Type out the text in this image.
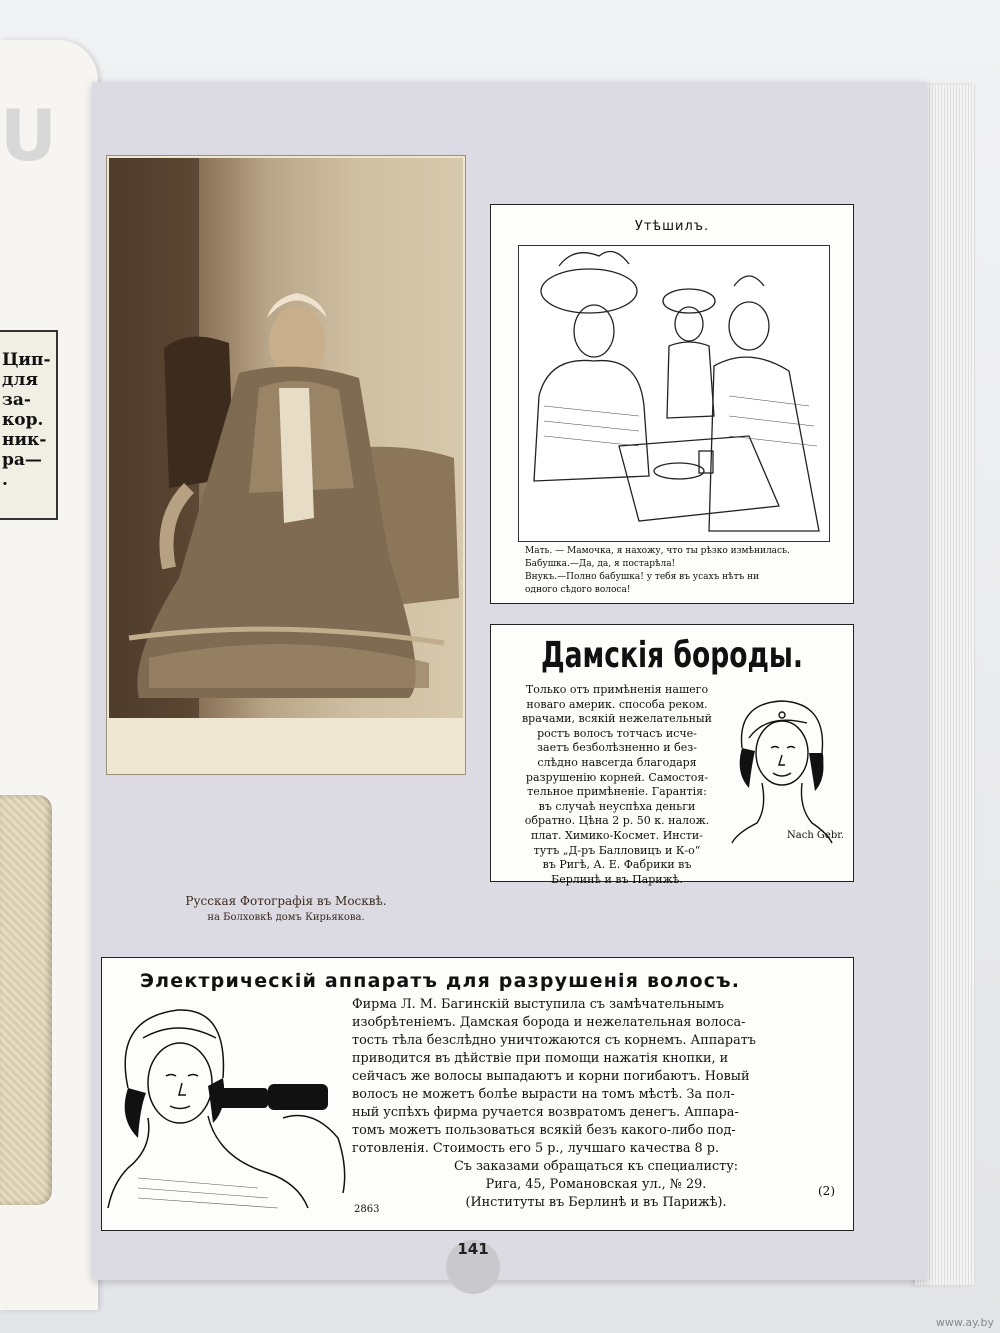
U
Цип-
для
за-
кор.
ник-
ра—
.
Русская Фотографія въ Москвѣ.
на Болховкѣ домъ Кирьякова.
Утѣшилъ.
Мать. — Мамочка, я нахожу, что ты рѣзко измѣнилась.
Бабушка.—Да, да, я постарѣла!
Внукъ.—Полно бабушка! у тебя въ усахъ нѣтъ ни
одного сѣдого волоса!
Дамскія бороды.
Только отъ примѣненія нашего
новаго америк. способа реком.
врачами, всякій нежелательный
ростъ волосъ тотчасъ исче-
заетъ безболѣзненно и без-
слѣдно навсегда благодаря
разрушенію корней. Самостоя-
тельное примѣненіе. Гарантія:
въ случаѣ неуспѣха деньги
обратно. Цѣна 2 р. 50 к. налож.
плат. Химико-Космет. Инсти-
тутъ „Д-ръ Балловицъ и К-о“
въ Ригѣ, А. Е. Фабрики въ
Берлинѣ и въ Парижѣ.
Nach Gebr.
Электрическій аппаратъ для разрушенія волосъ.
Фирма Л. М. Багинскій выступила съ замѣчательнымъ
изобрѣтеніемъ. Дамская борода и нежелательная волоса-
тость тѣла безслѣдно уничтожаются съ корнемъ. Аппаратъ
приводится въ дѣйствіе при помощи нажатія кнопки, и
сейчасъ же волосы выпадаютъ и корни погибаютъ. Новый
волосъ не можетъ болѣе вырасти на томъ мѣстѣ. За пол-
ный успѣхъ фирма ручается возвратомъ денегъ. Аппара-
томъ можетъ пользоваться всякій безъ какого-либо под-
готовленія. Стоимость его 5 р., лучшаго качества 8 р.
Съ заказами обращаться къ специалисту:
Рига, 45, Романовская ул., № 29.
(Институты въ Берлинѣ и въ Парижѣ).
2863
(2)
141
www.ay.by
